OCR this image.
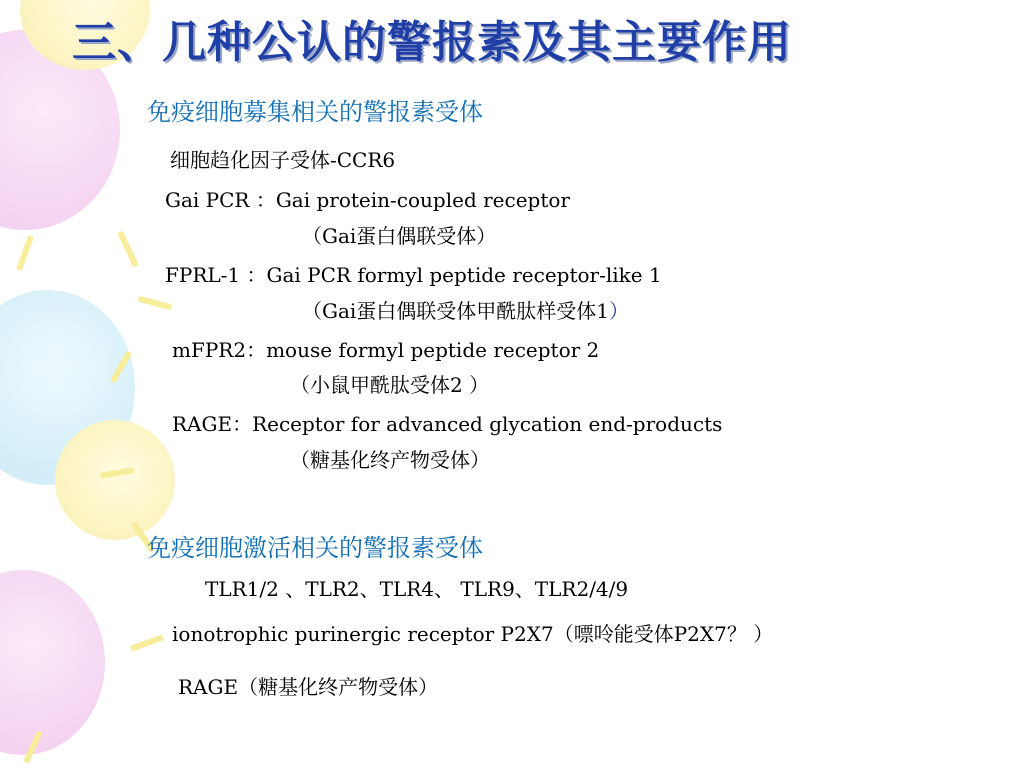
三、几种公认的警报素及其主要作用
免疫细胞募集相关的警报素受体

细胞趋化因子受体-CCR6

Gai PCR ：Gai protein-coupled receptor

（Gai蛋白偶联受体）

FPRL-1 ：Gai PCR formyl peptide receptor-like 1

（Gai蛋白偶联受体甲酰肽样受体1）

mFPR2：mouse formyl peptide receptor 2

（小鼠甲酰肽受体2 ）

RAGE：Receptor for advanced glycation end-products

（糖基化终产物受体）

免疫细胞激活相关的警报素受体

TLR1/2 、TLR2、TLR4、 TLR9、TLR2/4/9

ionotrophic purinergic receptor P2X7（嘌呤能受体P2X7？ ）

RAGE（糖基化终产物受体）
